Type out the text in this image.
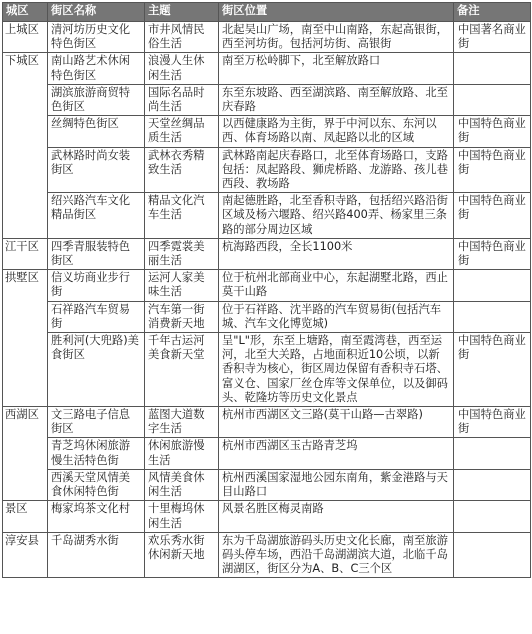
城区	街区名称	主题	街区位置	备注
上城区	清河坊历史文化特色街区	市井风情民俗生活	北起吴山广场，南至中山南路，东起高银街，西至河坊街。包括河坊街、高银街	中国著名商业街
下城区	南山路艺术休闲特色街区	浪漫人生休闲生活	南至万松岭脚下，北至解放路口	
	湖滨旅游商贸特色街区	国际名品时尚生活	东至东坡路、西至湖滨路、南至解放路、北至庆春路	
	丝绸特色街区	天堂丝绸品质生活	以西健康路为主街，界于中河以东、东河以西、体育场路以南、凤起路以北的区域	中国特色商业街
	武林路时尚女装街区	武林衣秀精致生活	武林路南起庆春路口，北至体育场路口，支路包括：凤起路段、狮虎桥路、龙游路、孩儿巷西段、教场路	中国特色商业街
	绍兴路汽车文化精品街区	精品文化汽车生活	南起德胜路，北至香积寺路，包括绍兴路沿街区域及杨六堰路、绍兴路400弄、杨家里三条路的部分周边区域	中国特色商业街
江干区	四季青服装特色街区	四季霓裳美丽生活	杭海路西段，全长1100米	中国特色商业街
拱墅区	信义坊商业步行街	运河人家美味生活	位于杭州北部商业中心，东起湖墅北路，西止莫干山路	
	石祥路汽车贸易街	汽车第一街消费新天地	位于石祥路、沈半路的汽车贸易街(包括汽车城、汽车文化博览城)	
	胜利河(大兜路)美食街区	千年古运河美食新天堂	呈"L"形，东至上塘路，南至霞湾巷，西至运河，北至大关路，占地面积近10公顷，以新香积寺为核心，街区周边保留有香积寺石塔、富义仓、国家厂丝仓库等文保单位，以及御码头、乾隆坊等历史文化景点	中国特色商业街
西湖区	文三路电子信息街区	蓝图大道数字生活	杭州市西湖区文三路(莫干山路—古翠路)	中国特色商业街
	青芝坞休闲旅游慢生活特色街	休闲旅游慢生活	杭州市西湖区玉古路青芝坞	
	西溪天堂风情美食休闲特色街	风情美食休闲生活	杭州西溪国家湿地公园东南角，紫金港路与天目山路口	
景区	梅家坞茶文化村	十里梅坞休闲生活	风景名胜区梅灵南路	
淳安县	千岛湖秀水街	欢乐秀水街休闲新天地	东为千岛湖旅游码头历史文化长廊，南至旅游码头停车场，西沿千岛湖湖滨大道，北临千岛湖湖区，街区分为A、B、C三个区	
